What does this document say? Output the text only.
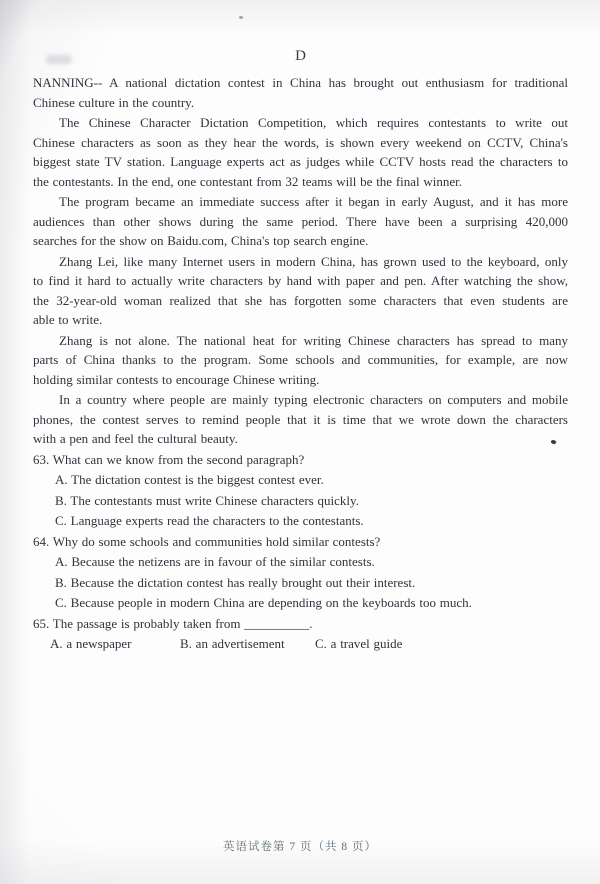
D
NANNING-- A national dictation contest in China has brought out enthusiasm for traditional
Chinese culture in the country.
The Chinese Character Dictation Competition, which requires contestants to write out
Chinese characters as soon as they hear the words, is shown every weekend on CCTV, China's
biggest state TV station. Language experts act as judges while CCTV hosts read the characters to
the contestants. In the end, one contestant from 32 teams will be the final winner.
The program became an immediate success after it began in early August, and it has more
audiences than other shows during the same period. There have been a surprising 420,000
searches for the show on Baidu.com, China's top search engine.
Zhang Lei, like many Internet users in modern China, has grown used to the keyboard, only
to find it hard to actually write characters by hand with paper and pen. After watching the show,
the 32-year-old woman realized that she has forgotten some characters that even students are
able to write.
Zhang is not alone. The national heat for writing Chinese characters has spread to many
parts of China thanks to the program. Some schools and communities, for example, are now
holding similar contests to encourage Chinese writing.
In a country where people are mainly typing electronic characters on computers and mobile
phones, the contest serves to remind people that it is time that we wrote down the characters
with a pen and feel the cultural beauty.
63. What can we know from the second paragraph?
A. The dictation contest is the biggest contest ever.
B. The contestants must write Chinese characters quickly.
C. Language experts read the characters to the contestants.
64. Why do some schools and communities hold similar contests?
A. Because the netizens are in favour of the similar contests.
B. Because the dictation contest has really brought out their interest.
C. Because people in modern China are depending on the keyboards too much.
65. The passage is probably taken from __________.
A. a newspaper	B. an advertisement	C. a travel guide
英语试卷第 7 页（共 8 页）
